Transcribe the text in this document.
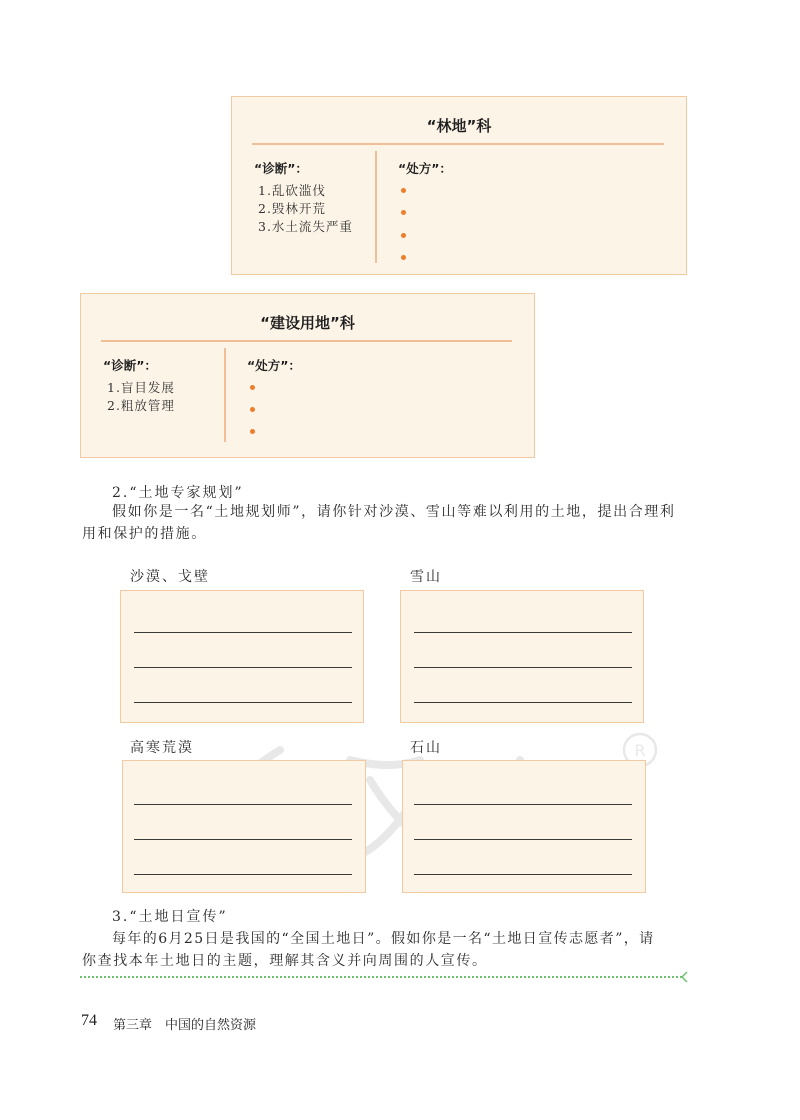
R
“林地”科
“诊断”：
1.乱砍滥伐
2.毁林开荒
3.水土流失严重
“处方”：
“建设用地”科
“诊断”：
1.盲目发展
2.粗放管理
“处方”：
2.“土地专家规划”
假如你是一名“土地规划师”，请你针对沙漠、雪山等难以利用的土地，提出合理利
用和保护的措施。
沙漠、戈壁	雪山
高寒荒漠	石山
3.“土地日宣传”
每年的6月25日是我国的“全国土地日”。假如你是一名“土地日宣传志愿者”，请
你查找本年土地日的主题，理解其含义并向周围的人宣传。
74 第三章　中国的自然资源
